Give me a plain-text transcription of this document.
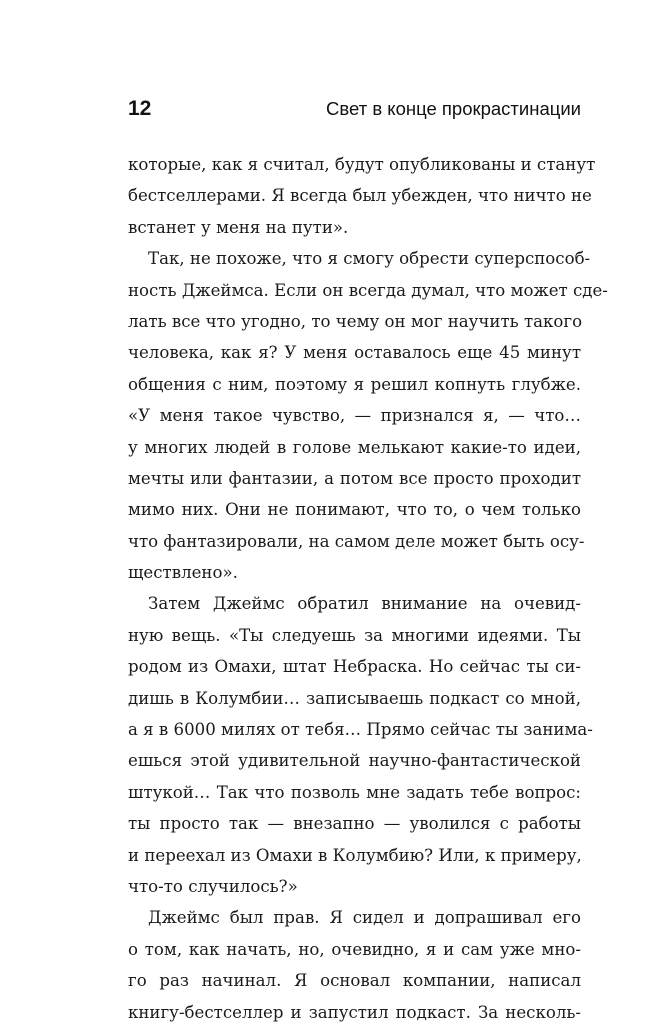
12	Свет в конце прокрастинации
которые, как я считал, будут опубликованы и станут
бестселлерами. Я всегда был убежден, что ничто не
встанет у меня на пути».
Так, не похоже, что я смогу обрести суперспособ-
ность Джеймса. Если он всегда думал, что может сде-
лать все что угодно, то чему он мог научить такого
человека, как я? У меня оставалось еще 45 минут
общения с ним, поэтому я решил копнуть глубже.
«У меня такое чувство, — признался я, — что…
у многих людей в голове мелькают какие-то идеи,
мечты или фантазии, а потом все просто проходит
мимо них. Они не понимают, что то, о чем только
что фантазировали, на самом деле может быть осу-
ществлено».
Затем Джеймс обратил внимание на очевид-
ную вещь. «Ты следуешь за многими идеями. Ты
родом из Омахи, штат Небраска. Но сейчас ты си-
дишь в Колумбии… записываешь подкаст со мной,
а я в 6000 милях от тебя… Прямо сейчас ты занима-
ешься этой удивительной научно-фантастической
штукой… Так что позволь мне задать тебе вопрос:
ты просто так — внезапно — уволился с работы
и переехал из Омахи в Колумбию? Или, к примеру,
что-то случилось?»
Джеймс был прав. Я сидел и допрашивал его
о том, как начать, но, очевидно, я и сам уже мно-
го раз начинал. Я основал компании, написал
книгу-бестселлер и запустил подкаст. За несколь-
